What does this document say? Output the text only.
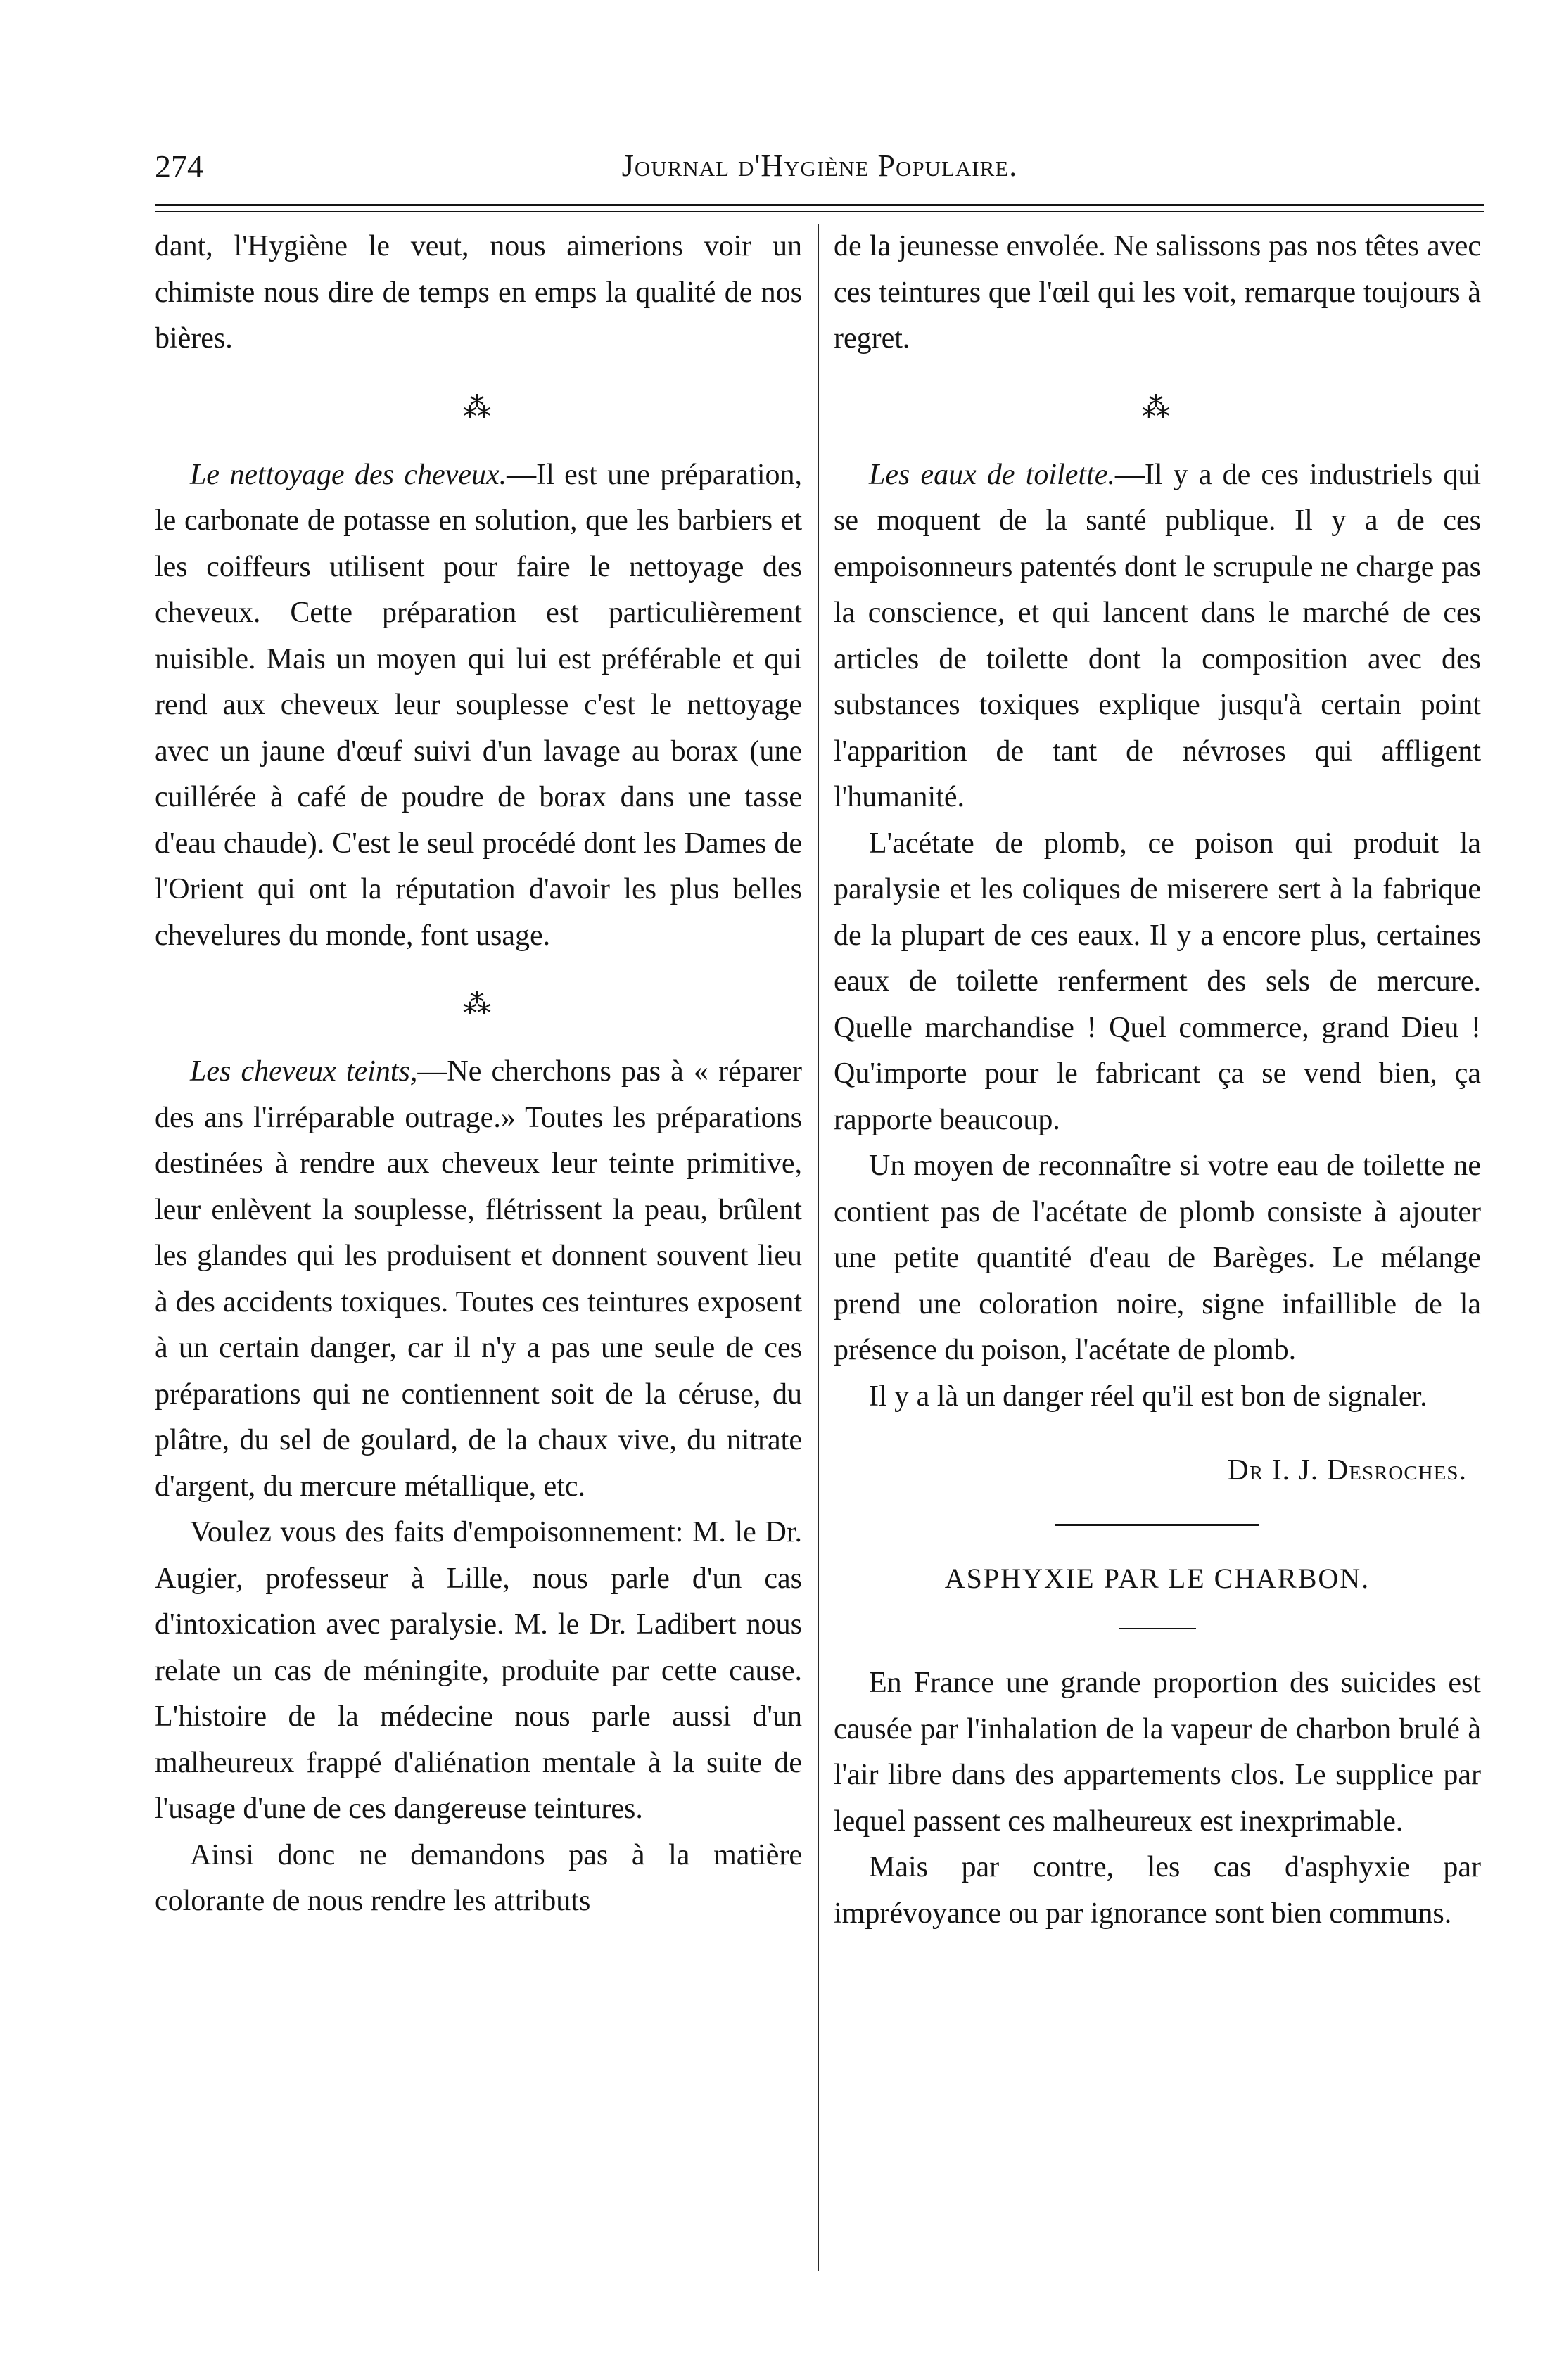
274	Journal d'Hygiène Populaire.

dant, l'Hygiène le veut, nous aimerions voir un chimiste nous dire de temps en emps la qualité de nos bières.

⁂

Le nettoyage des cheveux.—Il est une préparation, le carbonate de potasse en solution, que les barbiers et les coiffeurs utilisent pour faire le nettoyage des cheveux. Cette préparation est particulièrement nuisible. Mais un moyen qui lui est préférable et qui rend aux cheveux leur souplesse c'est le nettoyage avec un jaune d'œuf suivi d'un lavage au borax (une cuillérée à café de poudre de borax dans une tasse d'eau chaude). C'est le seul procédé dont les Dames de l'Orient qui ont la réputation d'avoir les plus belles chevelures du monde, font usage.

⁂

Les cheveux teints,—Ne cherchons pas à « réparer des ans l'irréparable outrage.» Toutes les préparations destinées à rendre aux cheveux leur teinte primitive, leur enlèvent la souplesse, flétrissent la peau, brûlent les glandes qui les produisent et donnent souvent lieu à des accidents toxiques. Toutes ces teintures exposent à un certain danger, car il n'y a pas une seule de ces préparations qui ne contiennent soit de la céruse, du plâtre, du sel de goulard, de la chaux vive, du nitrate d'argent, du mercure métallique, etc.

Voulez vous des faits d'empoisonnement: M. le Dr. Augier, professeur à Lille, nous parle d'un cas d'intoxication avec paralysie. M. le Dr. Ladibert nous relate un cas de méningite, produite par cette cause. L'histoire de la médecine nous parle aussi d'un malheureux frappé d'aliénation mentale à la suite de l'usage d'une de ces dangereuse teintures.

Ainsi donc ne demandons pas à la matière colorante de nous rendre les attributs

de la jeunesse envolée. Ne salissons pas nos têtes avec ces teintures que l'œil qui les voit, remarque toujours à regret.

⁂

Les eaux de toilette.—Il y a de ces industriels qui se moquent de la santé publique. Il y a de ces empoisonneurs patentés dont le scrupule ne charge pas la conscience, et qui lancent dans le marché de ces articles de toilette dont la composition avec des substances toxiques explique jusqu'à certain point l'apparition de tant de névroses qui affligent l'humanité.

L'acétate de plomb, ce poison qui produit la paralysie et les coliques de miserere sert à la fabrique de la plupart de ces eaux. Il y a encore plus, certaines eaux de toilette renferment des sels de mercure. Quelle marchandise ! Quel commerce, grand Dieu ! Qu'importe pour le fabricant ça se vend bien, ça rapporte beaucoup.

Un moyen de reconnaître si votre eau de toilette ne contient pas de l'acétate de plomb consiste à ajouter une petite quantité d'eau de Barèges. Le mélange prend une coloration noire, signe infaillible de la présence du poison, l'acétate de plomb.

Il y a là un danger réel qu'il est bon de signaler.

Dr I. J. Desroches.
ASPHYXIE PAR LE CHARBON.

En France une grande proportion des suicides est causée par l'inhalation de la vapeur de charbon brulé à l'air libre dans des appartements clos. Le supplice par lequel passent ces malheureux est inexprimable.

Mais par contre, les cas d'asphyxie par imprévoyance ou par ignorance sont bien communs.
